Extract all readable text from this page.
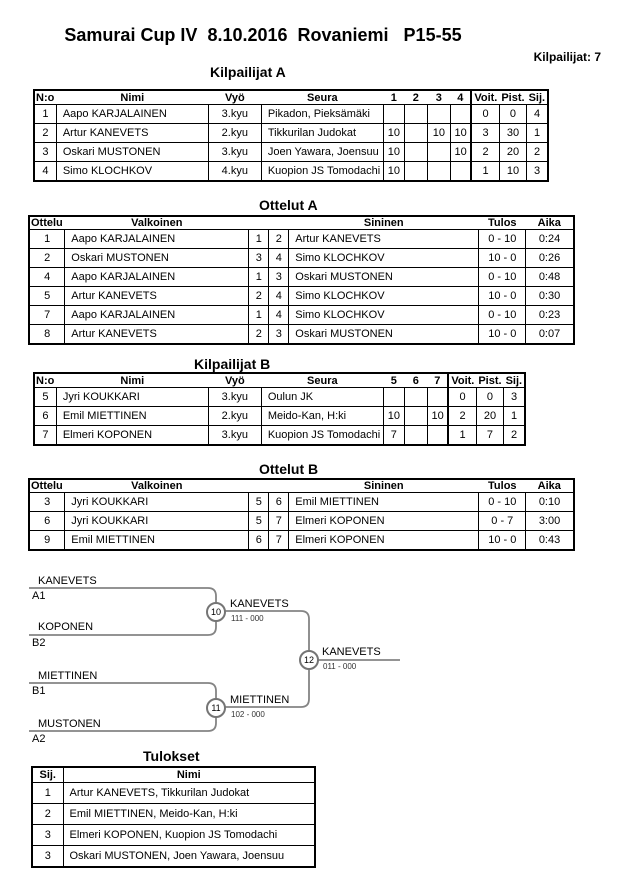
Samurai Cup IV  8.10.2016  Rovaniemi   P15-55
Kilpailijat: 7
Kilpailijat A
N:o	Nimi	Vyö	Seura	1	2	3	4	Voit.	Pist.	Sij.
1	Aapo KARJALAINEN	3.kyu	Pikadon, Pieksämäki					0	0	4
2	Artur KANEVETS	2.kyu	Tikkurilan Judokat	10		10	10	3	30	1
3	Oskari MUSTONEN	3.kyu	Joen Yawara, Joensuu	10			10	2	20	2
4	Simo KLOCHKOV	4.kyu	Kuopion JS Tomodachi	10				1	10	3
Ottelut A
Ottelu	Valkoinen			Sininen	Tulos	Aika
1	Aapo KARJALAINEN	1	2	Artur KANEVETS	0 - 10	0:24
2	Oskari MUSTONEN	3	4	Simo KLOCHKOV	10 - 0	0:26
4	Aapo KARJALAINEN	1	3	Oskari MUSTONEN	0 - 10	0:48
5	Artur KANEVETS	2	4	Simo KLOCHKOV	10 - 0	0:30
7	Aapo KARJALAINEN	1	4	Simo KLOCHKOV	0 - 10	0:23
8	Artur KANEVETS	2	3	Oskari MUSTONEN	10 - 0	0:07
Kilpailijat B
N:o	Nimi	Vyö	Seura	5	6	7	Voit.	Pist.	Sij.
5	Jyri KOUKKARI	3.kyu	Oulun JK				0	0	3
6	Emil MIETTINEN	2.kyu	Meido-Kan, H:ki	10		10	2	20	1
7	Elmeri KOPONEN	3.kyu	Kuopion JS Tomodachi	7			1	7	2
Ottelut B
Ottelu	Valkoinen			Sininen	Tulos	Aika
3	Jyri KOUKKARI	5	6	Emil MIETTINEN	0 - 10	0:10
6	Jyri KOUKKARI	5	7	Elmeri KOPONEN	0 - 7	3:00
9	Emil MIETTINEN	6	7	Elmeri KOPONEN	10 - 0	0:43
KANEVETS
A1
KOPONEN
B2
MIETTINEN
B1
MUSTONEN
A2
10
KANEVETS
111 - 000
11
MIETTINEN
102 - 000
12
KANEVETS
011 - 000
Tulokset
Sij.	Nimi
1	Artur KANEVETS, Tikkurilan Judokat
2	Emil MIETTINEN, Meido-Kan, H:ki
3	Elmeri KOPONEN, Kuopion JS Tomodachi
3	Oskari MUSTONEN, Joen Yawara, Joensuu
